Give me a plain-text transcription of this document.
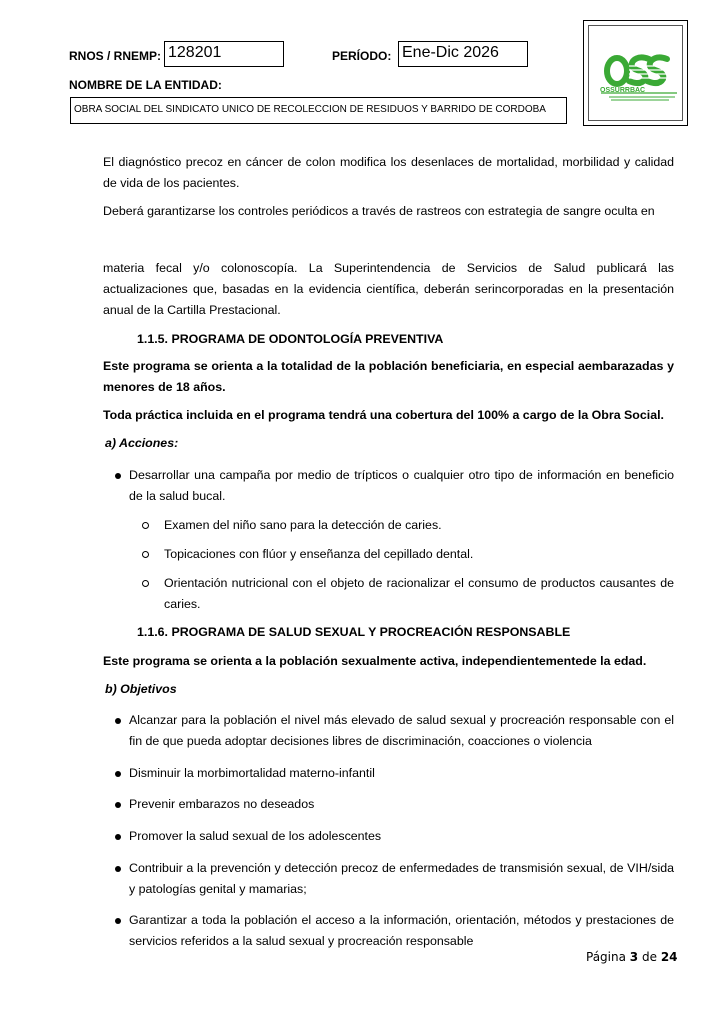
RNOS / RNEMP: 128201	PERÍODO: Ene-Dic 2026
NOMBRE DE LA ENTIDAD:
OBRA SOCIAL DEL SINDICATO UNICO DE RECOLECCION DE RESIDUOS Y BARRIDO DE CORDOBA
OSSURRBAC

El diagnóstico precoz en cáncer de colon modifica los desenlaces de mortalidad, morbilidad y calidad de vida de los pacientes.

Deberá garantizarse los controles periódicos a través de rastreos con estrategia de sangre oculta en

materia fecal y/o colonoscopía. La Superintendencia de Servicios de Salud publicará las actualizaciones que, basadas en la evidencia científica, deberán serincorporadas en la presentación anual de la Cartilla Prestacional.

1.1.5. PROGRAMA DE ODONTOLOGÍA PREVENTIVA

Este programa se orienta a la totalidad de la población beneficiaria, en especial aembarazadas y menores de 18 años.

Toda práctica incluida en el programa tendrá una cobertura del 100% a cargo de la Obra Social.

a) Acciones:

Desarrollar una campaña por medio de trípticos o cualquier otro tipo de información en beneficio de la salud bucal.

Examen del niño sano para la detección de caries.

Topicaciones con flúor y enseñanza del cepillado dental.

Orientación nutricional con el objeto de racionalizar el consumo de productos causantes de caries.

1.1.6. PROGRAMA DE SALUD SEXUAL Y PROCREACIÓN RESPONSABLE

Este programa se orienta a la población sexualmente activa, independientementede la edad.

b) Objetivos

Alcanzar para la población el nivel más elevado de salud sexual y procreación responsable con el fin de que pueda adoptar decisiones libres de discriminación, coacciones o violencia

Disminuir la morbimortalidad materno-infantil

Prevenir embarazos no deseados

Promover la salud sexual de los adolescentes

Contribuir a la prevención y detección precoz de enfermedades de transmisión sexual, de VIH/sida y patologías genital y mamarias;

Garantizar a toda la población el acceso a la información, orientación, métodos y prestaciones de servicios referidos a la salud sexual y procreación responsable

Página 3 de 24
